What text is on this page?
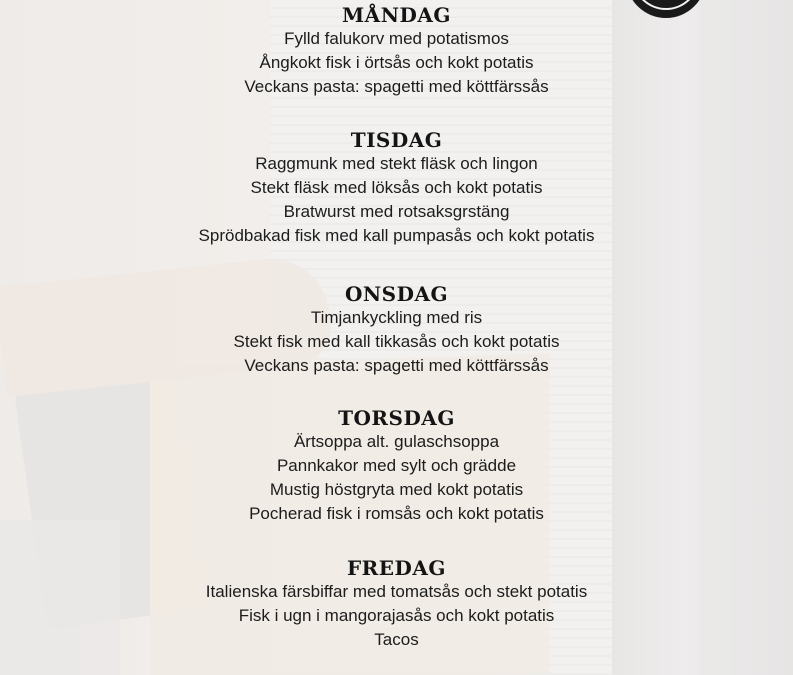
MÅNDAG
Fylld falukorv med potatismos
Ångkokt fisk i örtsås och kokt potatis
Veckans pasta: spagetti med köttfärssås
TISDAG
Raggmunk med stekt fläsk och lingon
Stekt fläsk med löksås och kokt potatis
Bratwurst med rotsaksgrstäng
Sprödbakad fisk med kall pumpasås och kokt potatis
ONSDAG
Timjankyckling med ris
Stekt fisk med kall tikkasås och kokt potatis
Veckans pasta: spagetti med köttfärssås
TORSDAG
Ärtsoppa alt. gulaschsoppa
Pannkakor med sylt och grädde
Mustig höstgryta med kokt potatis
Pocherad fisk i romsås och kokt potatis
FREDAG
Italienska färsbiffar med tomatsås och stekt potatis
Fisk i ugn i mangorajasås och kokt potatis
Tacos
